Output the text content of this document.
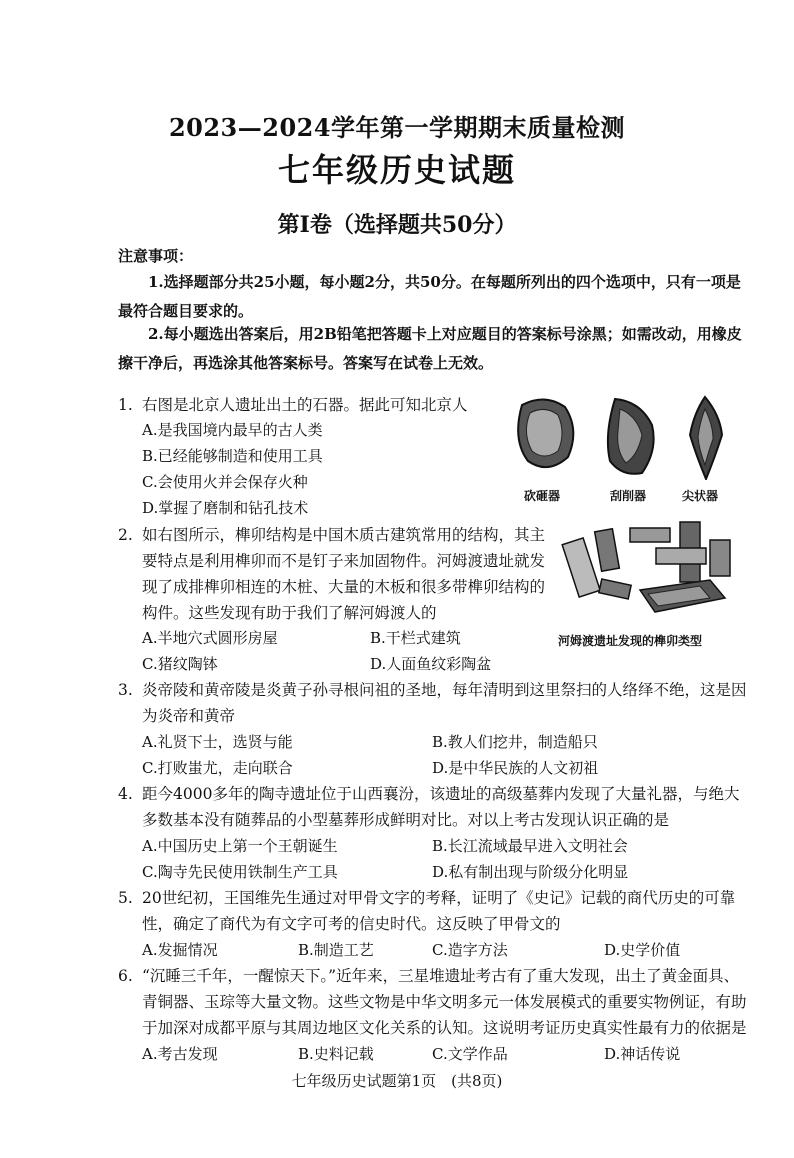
2023—2024学年第一学期期末质量检测
七年级历史试题
第Ⅰ卷（选择题共50分）
注意事项：
1.选择题部分共25小题，每小题2分，共50分。在每题所列出的四个选项中，只有一项是最符合题目要求的。
2.每小题选出答案后，用2B铅笔把答题卡上对应题目的答案标号涂黑；如需改动，用橡皮擦干净后，再选涂其他答案标号。答案写在试卷上无效。
1. 右图是北京人遗址出土的石器。据此可知北京人
A.是我国境内最早的古人类
B.已经能够制造和使用工具
C.会使用火并会保存火种
D.掌握了磨制和钻孔技术
砍砸器	刮削器	尖状器
2. 如右图所示，榫卯结构是中国木质古建筑常用的结构，其主要特点是利用榫卯而不是钉子来加固物件。河姆渡遗址就发现了成排榫卯相连的木桩、大量的木板和很多带榫卯结构的构件。这些发现有助于我们了解河姆渡人的
A.半地穴式圆形房屋	B.干栏式建筑
C.猪纹陶钵	D.人面鱼纹彩陶盆
河姆渡遗址发现的榫卯类型
3. 炎帝陵和黄帝陵是炎黄子孙寻根问祖的圣地，每年清明到这里祭扫的人络绎不绝，这是因为炎帝和黄帝
A.礼贤下士，选贤与能	B.教人们挖井，制造船只
C.打败蚩尤，走向联合	D.是中华民族的人文初祖
4. 距今4000多年的陶寺遗址位于山西襄汾，该遗址的高级墓葬内发现了大量礼器，与绝大多数基本没有随葬品的小型墓葬形成鲜明对比。对以上考古发现认识正确的是
A.中国历史上第一个王朝诞生	B.长江流域最早进入文明社会
C.陶寺先民使用铁制生产工具	D.私有制出现与阶级分化明显
5. 20世纪初，王国维先生通过对甲骨文字的考释，证明了《史记》记载的商代历史的可靠性，确定了商代为有文字可考的信史时代。这反映了甲骨文的
A.发掘情况	B.制造工艺	C.造字方法	D.史学价值
6. “沉睡三千年，一醒惊天下。”近年来，三星堆遗址考古有了重大发现，出土了黄金面具、青铜器、玉琮等大量文物。这些文物是中华文明多元一体发展模式的重要实物例证，有助于加深对成都平原与其周边地区文化关系的认知。这说明考证历史真实性最有力的依据是
A.考古发现	B.史料记载	C.文学作品	D.神话传说
七年级历史试题第1页　(共8页)
